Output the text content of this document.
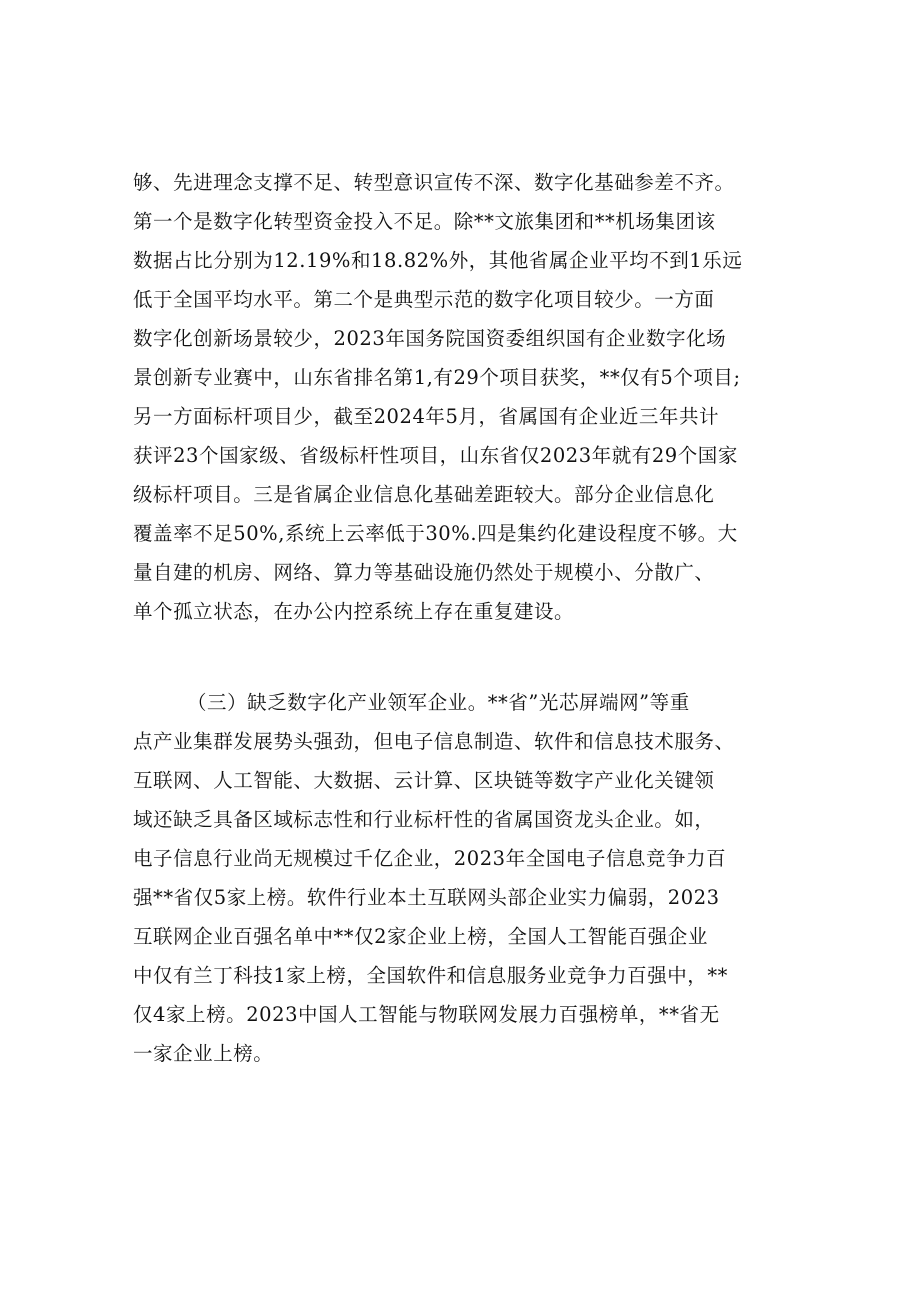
够、先进理念支撑不足、转型意识宣传不深、数字化基础参差不齐。
第一个是数字化转型资金投入不足。除**文旅集团和**机场集团该
数据占比分别为12.19%和18.82%外，其他省属企业平均不到1乐远
低于全国平均水平。第二个是典型示范的数字化项目较少。一方面
数字化创新场景较少，2023年国务院国资委组织国有企业数字化场
景创新专业赛中，山东省排名第1,有29个项目获奖，**仅有5个项目;
另一方面标杆项目少，截至2024年5月，省属国有企业近三年共计
获评23个国家级、省级标杆性项目，山东省仅2023年就有29个国家
级标杆项目。三是省属企业信息化基础差距较大。部分企业信息化
覆盖率不足50%,系统上云率低于30%.四是集约化建设程度不够。大
量自建的机房、网络、算力等基础设施仍然处于规模小、分散广、
单个孤立状态，在办公内控系统上存在重复建设。
（三）缺乏数字化产业领军企业。**省”光芯屏端网”等重
点产业集群发展势头强劲，但电子信息制造、软件和信息技术服务、
互联网、人工智能、大数据、云计算、区块链等数字产业化关键领
域还缺乏具备区域标志性和行业标杆性的省属国资龙头企业。如，
电子信息行业尚无规模过千亿企业，2023年全国电子信息竞争力百
强**省仅5家上榜。软件行业本土互联网头部企业实力偏弱，2023
互联网企业百强名单中**仅2家企业上榜，全国人工智能百强企业
中仅有兰丁科技1家上榜，全国软件和信息服务业竞争力百强中，**
仅4家上榜。2023中国人工智能与物联网发展力百强榜单，**省无
一家企业上榜。
